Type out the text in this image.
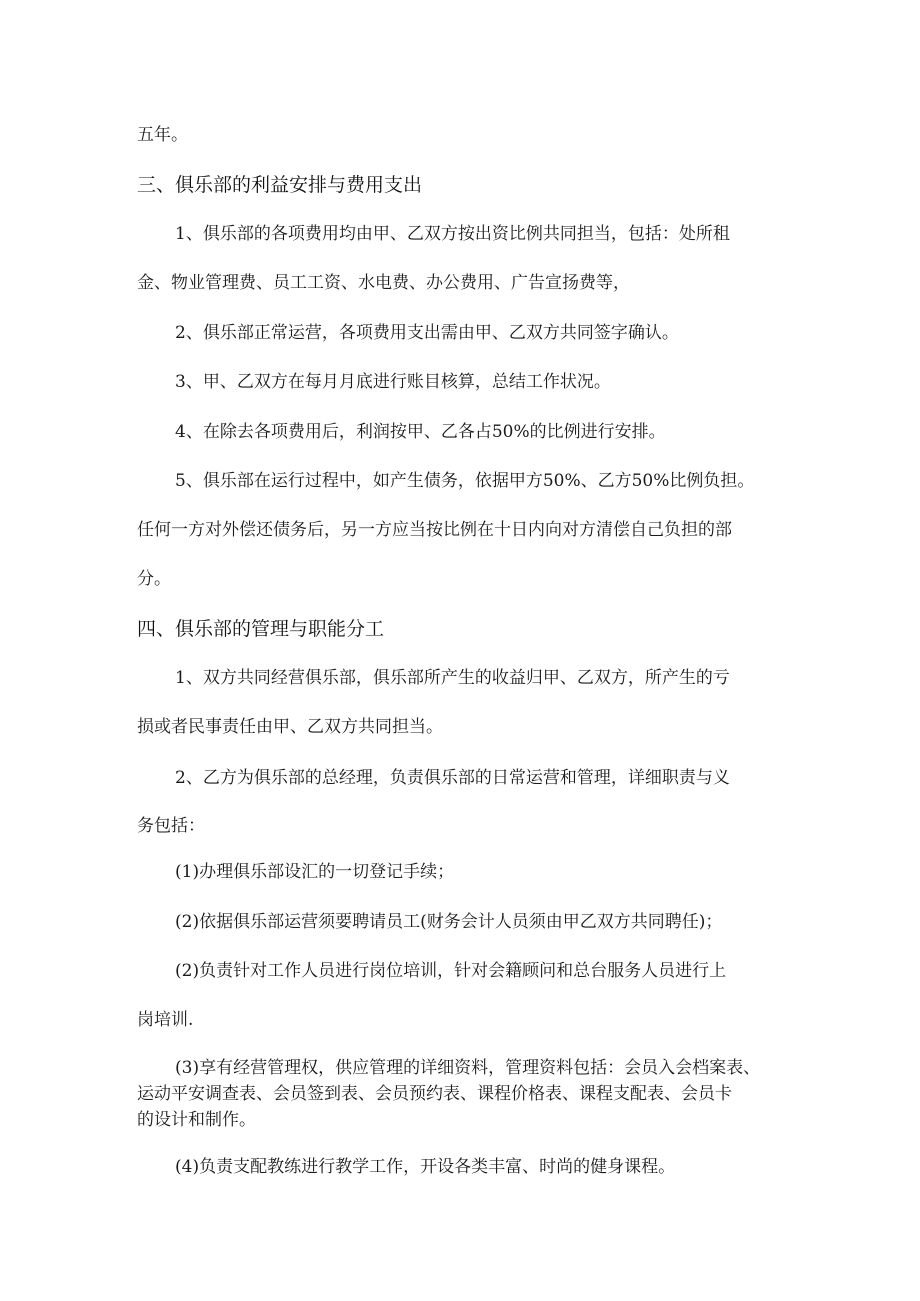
五年。
三、俱乐部的利益安排与费用支出
1、俱乐部的各项费用均由甲、乙双方按出资比例共同担当，包括：处所租
金、物业管理费、员工工资、水电费、办公费用、广告宣扬费等，
2、俱乐部正常运营，各项费用支出需由甲、乙双方共同签字确认。
3、甲、乙双方在每月月底进行账目核算，总结工作状况。
4、在除去各项费用后，利润按甲、乙各占50%的比例进行安排。
5、俱乐部在运行过程中，如产生债务，依据甲方50%、乙方50%比例负担。
任何一方对外偿还债务后，另一方应当按比例在十日内向对方清偿自己负担的部
分。
四、俱乐部的管理与职能分工
1、双方共同经营俱乐部，俱乐部所产生的收益归甲、乙双方，所产生的亏
损或者民事责任由甲、乙双方共同担当。
2、乙方为俱乐部的总经理，负责俱乐部的日常运营和管理，详细职责与义
务包括：
(1)办理俱乐部设汇的一切登记手续；
(2)依据俱乐部运营须要聘请员工(财务会计人员须由甲乙双方共同聘任)；
(2)负责针对工作人员进行岗位培训，针对会籍顾问和总台服务人员进行上
岗培训.
(3)享有经营管理权，供应管理的详细资料，管理资料包括：会员入会档案表、
运动平安调查表、会员签到表、会员预约表、课程价格表、课程支配表、会员卡
的设计和制作。
(4)负责支配教练进行教学工作，开设各类丰富、时尚的健身课程。
